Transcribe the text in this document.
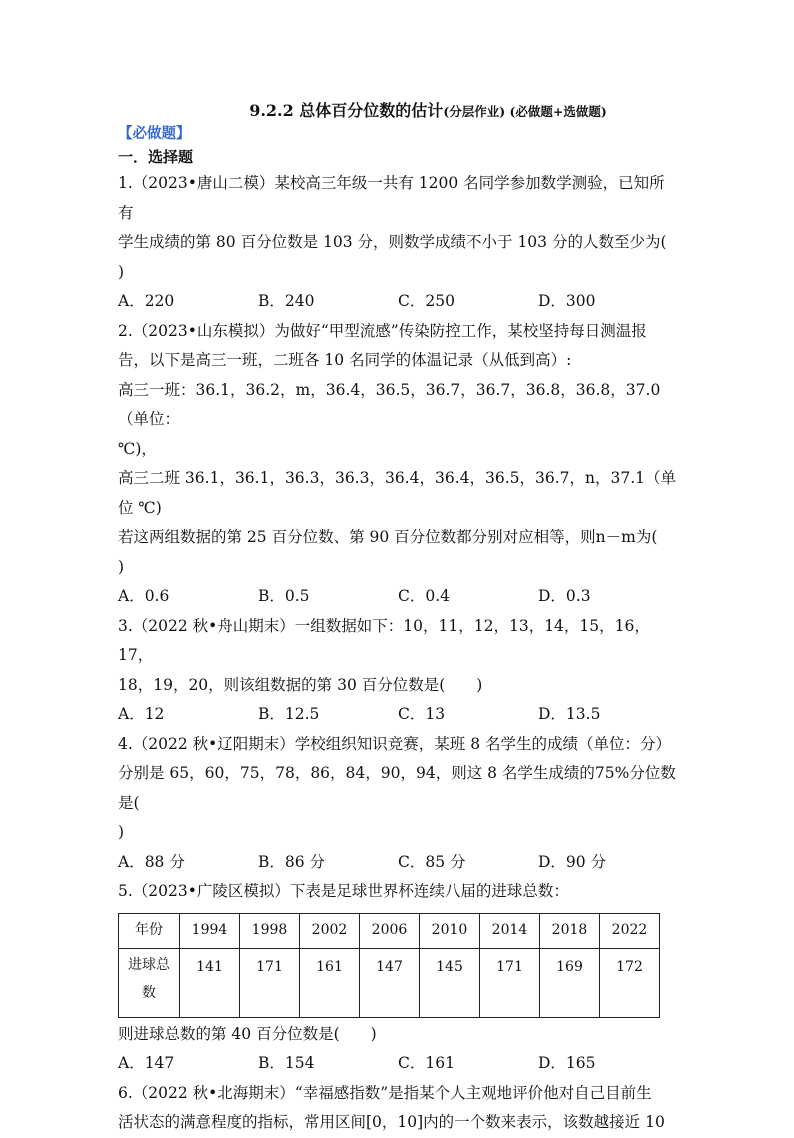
9.2.2 总体百分位数的估计(分层作业) (必做题+选做题)
【必做题】
一．选择题

1.（2023•唐山二模）某校高三年级一共有 1200 名同学参加数学测验，已知所有

学生成绩的第 80 百分位数是 103 分，则数学成绩不小于 103 分的人数至少为(

)

A．220	B．240	C．250	D．300

2.（2023•山东模拟）为做好“甲型流感”传染防控工作，某校坚持每日测温报

告，以下是高三一班，二班各 10 名同学的体温记录（从低到高）:

高三一班：36.1，36.2，m，36.4，36.5，36.7，36.7，36.8，36.8，37.0（单位：

℃)，

高三二班 36.1，36.1，36.3，36.3，36.4，36.4，36.5，36.7，n，37.1（单位 ℃)

若这两组数据的第 25 百分位数、第 90 百分位数都分别对应相等，则n－m为(

)

A．0.6	B．0.5	C．0.4	D．0.3

3.（2022 秋•舟山期末）一组数据如下：10，11，12，13，14，15，16，17，

18，19，20，则该组数据的第 30 百分位数是(　　)

A．12	B．12.5	C．13	D．13.5

4.（2022 秋•辽阳期末）学校组织知识竞赛，某班 8 名学生的成绩（单位：分）

分别是 65，60，75，78，86，84，90，94，则这 8 名学生成绩的75%分位数是(

)

A．88 分	B．86 分	C．85 分	D．90 分

5.（2023•广陵区模拟）下表是足球世界杯连续八届的进球总数：

年份	1994	1998	2002	2006	2010	2014	2018	2022
进球总数	141	171	161	147	145	171	169	172

则进球总数的第 40 百分位数是(　　)

A．147	B．154	C．161	D．165

6.（2022 秋•北海期末）“幸福感指数”是指某个人主观地评价他对自己目前生

活状态的满意程度的指标，常用区间[0，10]内的一个数来表示，该数越接近 10
